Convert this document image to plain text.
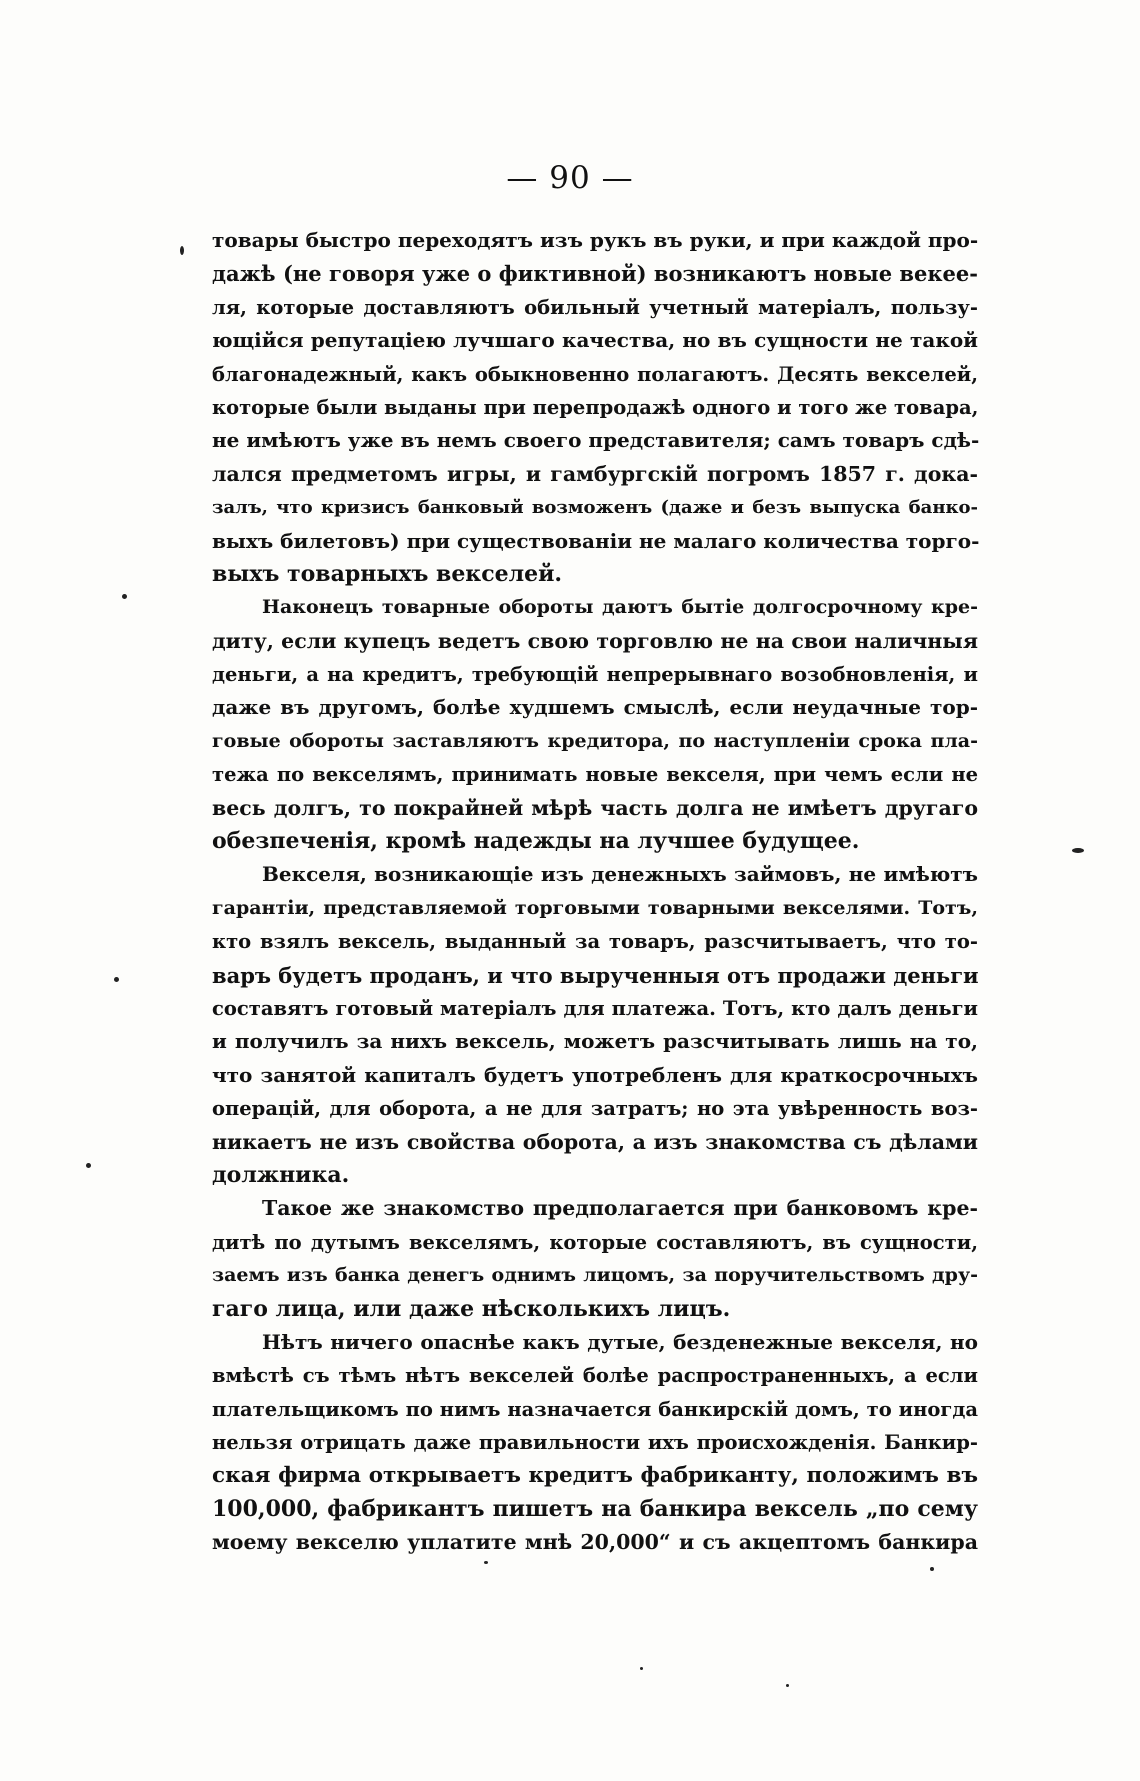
— 90 —
товары быстро переходятъ изъ рукъ въ руки, и при каждой про-
дажѣ (не говоря уже о фиктивной) возникаютъ новые векее-
ля, которые доставляютъ обильный учетный матеріалъ, пользу-
ющійся репутаціею лучшаго качества, но въ сущности не такой
благонадежный, какъ обыкновенно полагаютъ. Десять векселей,
которые были выданы при перепродажѣ одного и того же товара,
не имѣютъ уже въ немъ своего представителя; самъ товаръ сдѣ-
лался предметомъ игры, и гамбургскій погромъ 1857 г. дока-
залъ, что кризисъ банковый возможенъ (даже и безъ выпуска банко-
выхъ билетовъ) при существованіи не малаго количества торго-
выхъ товарныхъ векселей.
Наконецъ товарные обороты даютъ бытіе долгосрочному кре-
диту, если купецъ ведетъ свою торговлю не на свои наличныя
деньги, а на кредитъ, требующій непрерывнаго возобновленія, и
даже въ другомъ, болѣе худшемъ смыслѣ, если неудачные тор-
говые обороты заставляютъ кредитора, по наступленіи срока пла-
тежа по векселямъ, принимать новые векселя, при чемъ если не
весь долгъ, то покрайней мѣрѣ часть долга не имѣетъ другаго
обезпеченія, кромѣ надежды на лучшее будущее.
Векселя, возникающіе изъ денежныхъ займовъ, не имѣютъ
гарантіи, представляемой торговыми товарными векселями. Тотъ,
кто взялъ вексель, выданный за товаръ, разсчитываетъ, что то-
варъ будетъ проданъ, и что вырученныя отъ продажи деньги
составятъ готовый матеріалъ для платежа. Тотъ, кто далъ деньги
и получилъ за нихъ вексель, можетъ разсчитывать лишь на то,
что занятой капиталъ будетъ употребленъ для краткосрочныхъ
операцій, для оборота, а не для затратъ; но эта увѣренность воз-
никаетъ не изъ свойства оборота, а изъ знакомства съ дѣлами
должника.
Такое же знакомство предполагается при банковомъ кре-
дитѣ по дутымъ векселямъ, которые составляютъ, въ сущности,
заемъ изъ банка денегъ однимъ лицомъ, за поручительствомъ дру-
гаго лица, или даже нѣсколькихъ лицъ.
Нѣтъ ничего опаснѣе какъ дутые, безденежные векселя, но
вмѣстѣ съ тѣмъ нѣтъ векселей болѣе распространенныхъ, а если
плательщикомъ по нимъ назначается банкирскій домъ, то иногда
нельзя отрицать даже правильности ихъ происхожденія. Банкир-
ская фирма открываетъ кредитъ фабриканту, положимъ въ
100,000, фабрикантъ пишетъ на банкира вексель „по сему
моему векселю уплатите мнѣ 20,000“ и съ акцептомъ банкира
